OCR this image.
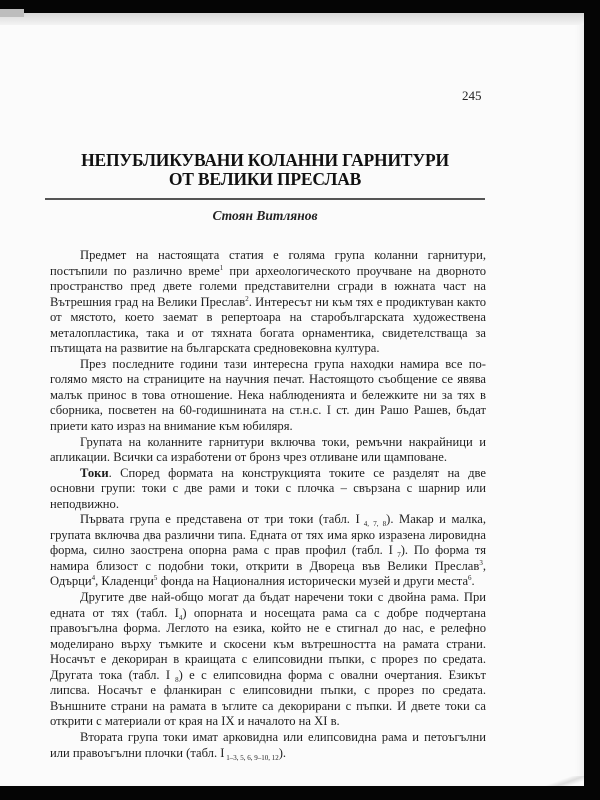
245
НЕПУБЛИКУВАНИ КОЛАННИ ГАРНИТУРИ
ОТ ВЕЛИКИ ПРЕСЛАВ
Стоян Витлянов

Предмет на настоящата статия е голяма група коланни гарнитури, постъпили по различно време$^1$ при археологическото проучване на дворното пространство пред двете големи представителни сгради в южната част на Вътрешния град на Велики Преслав$^2$. Интересът ни към тях е продиктуван както от мястото, което заемат в репертоара на старобългарската художествена металопластика, така и от тяхната богата орнаментика, свидетелстваща за пътищата на развитие на българската средновековна култура.

През последните години тази интересна група находки намира все по-голямо място на страниците на научния печат. Настоящото съобщение се явява малък принос в това отношение. Нека наблюденията и бележките ни за тях в сборника, посветен на 60-годишнината на ст.н.с. I ст. дин Рашо Рашев, бъдат приети като израз на внимание към юбиляря.

Групата на коланните гарнитури включва токи, ремъчни накрайници и апликации. Всички са изработени от бронз чрез отливане или щамповане.

Токи. Според формата на конструкцията токите се разделят на две основни групи: токи с две рами и токи с плочка – свързана с шарнир или неподвижно.

Първата група е представена от три токи (табл. I $_{4, 7, 8}$). Макар и малка, групата включва два различни типа. Едната от тях има ярко изразена лировидна форма, силно заострена опорна рама с прав профил (табл. I $_7$). По форма тя намира близост с подобни токи, открити в Двореца във Велики Преслав$^3$, Одърци$^4$, Кладенци$^5$ фонда на Националния исторически музей и други места$^6$.

Другите две най-общо могат да бъдат наречени токи с двойна рама. При едната от тях (табл. $I_4$) опорната и носещата рама са с добре подчертана правоъгълна форма. Леглото на езика, който не е стигнал до нас, е релефно моделирано върху тъмките и скосени към вътрешността на рамата страни. Носачът е декориран в краищата с елипсовидни пъпки, с прорез по средата. Другата тока (табл. I $_8$) е с елипсовидна форма с овални очертания. Езикът липсва. Носачът е фланкиран с елипсовидни пъпки, с прорез по средата. Външните страни на рамата в ъглите са декорирани с пъпки. И двете токи са открити с материали от края на IX и началото на XI в.

Втората група токи имат арковидна или елипсовидна рама и петоъгълни или правоъгълни плочки (табл. I $_{1-3, 5, 6, 9-10, 12}$).
